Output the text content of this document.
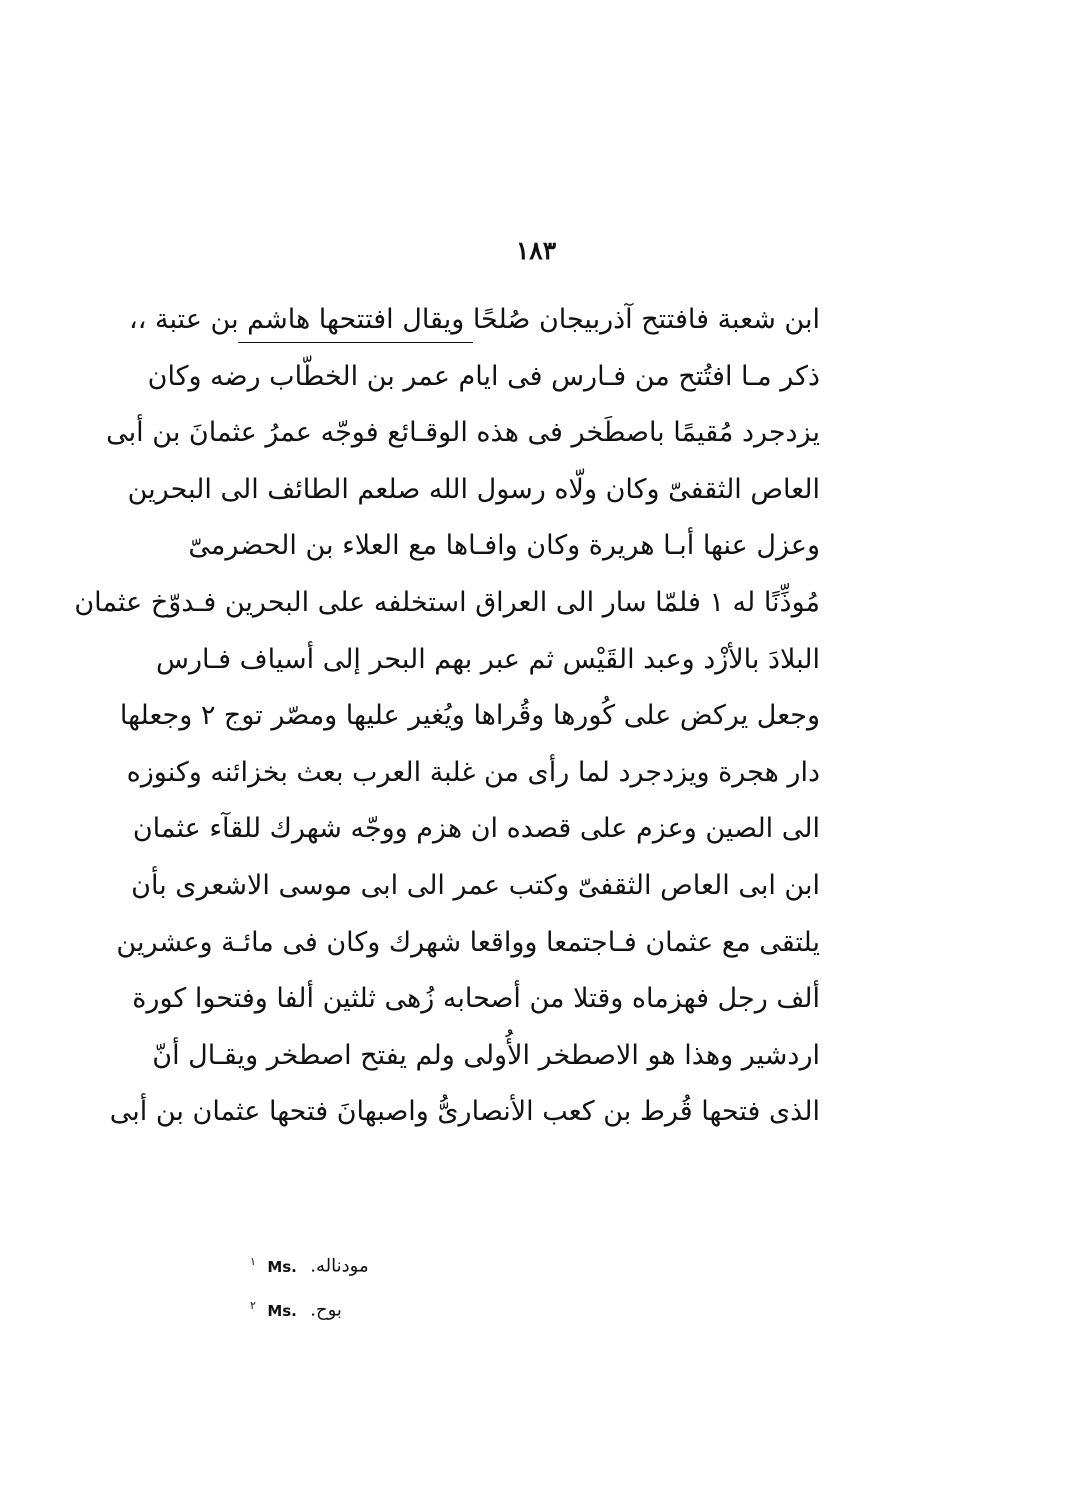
١٨٣
ابن شعبة فافتتح آذربيجان صُلحًا ويقال افتتحها هاشم بن عتبة ،،
ذكر مـا افتُتح من فـارس فى ايام عمر بن الخطّاب رضه وكان
يزدجرد مُقيمًا باصطَخر فى هذه الوقـائع فوجّه عمرُ عثمانَ بن أبى
العاص الثقفىّ وكان ولّاه رسول الله صلعم الطائف الى البحرين
وعزل عنها أبـا هريرة وكان وافـاها مع العلاء بن الحضرمىّ
مُوذِّنًا له ۱ فلمّا سار الى العراق استخلفه على البحرين فـدوّخ عثمان
البلادَ بالأزْد وعبد القَيْس ثم عبر بهم البحر إلى أسياف فـارس
وجعل يركض على كُورها وقُراها ويُغير عليها ومصّر توج ۲ وجعلها
دار هجرة ويزدجرد لما رأى من غلبة العرب بعث بخزائنه وكنوزه
الى الصين وعزم على قصده ان هزم ووجّه شهرك للقآء عثمان
ابن ابى العاص الثقفىّ وكتب عمر الى ابى موسى الاشعرى بأن
يلتقى مع عثمان فـاجتمعا وواقعا شهرك وكان فى مائـة وعشرين
ألف رجل فهزماه وقتلا من أصحابه زُهى ثلثين ألفا وفتحوا كورة
اردشير وهذا هو الاصطخر الأُولى ولم يفتح اصطخر ويقـال أنّ
الذى فتحها قُرط بن كعب الأنصارىُّ واصبهانَ فتحها عثمان بن أبى
$^۱$ Ms. مودناله.
$^۲$ Ms. بوح.
